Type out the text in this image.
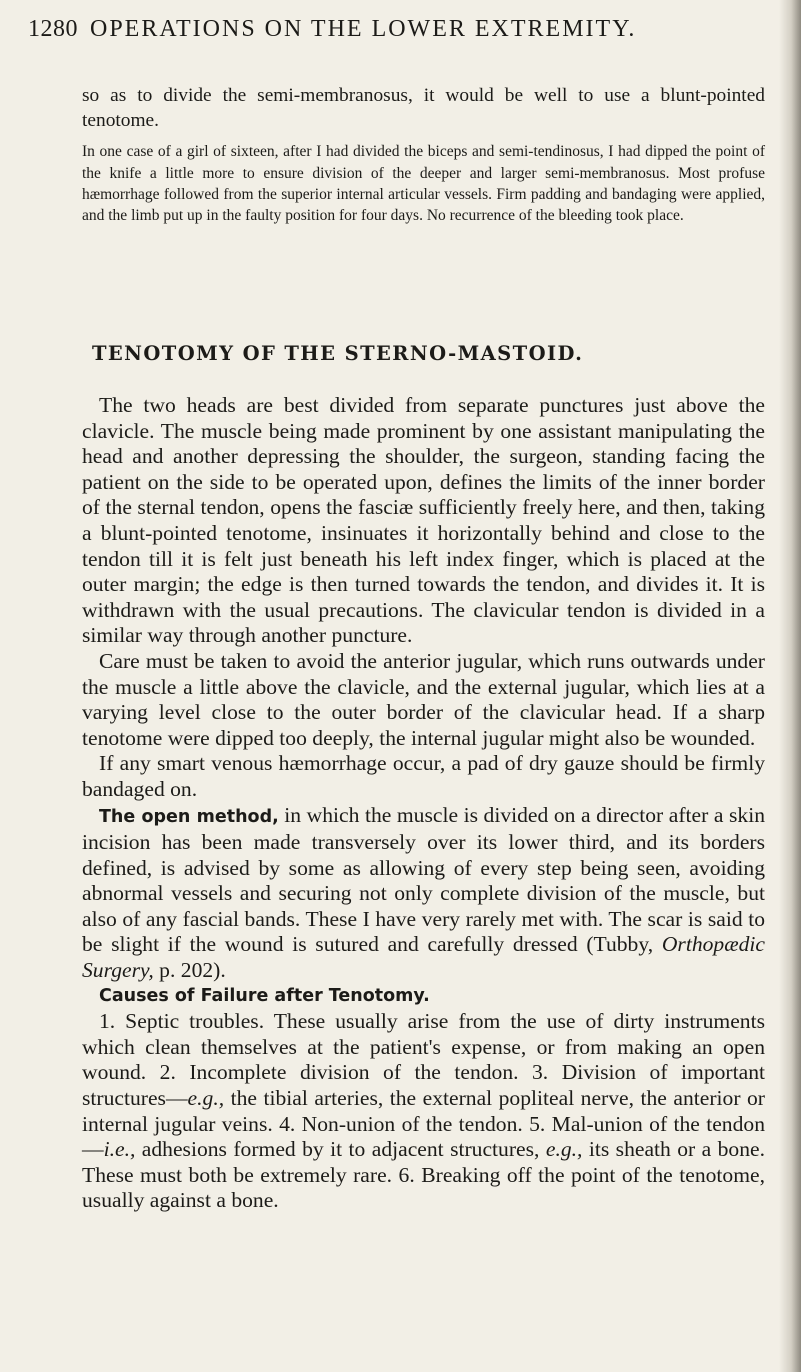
1280 OPERATIONS ON THE LOWER EXTREMITY.

so as to divide the semi-membranosus, it would be well to use a blunt-pointed tenotome.

In one case of a girl of sixteen, after I had divided the biceps and semi-tendinosus, I had dipped the point of the knife a little more to ensure division of the deeper and larger semi-membranosus. Most profuse hæmorrhage followed from the superior internal articular vessels. Firm padding and bandaging were applied, and the limb put up in the faulty position for four days. No recurrence of the bleeding took place.

TENOTOMY OF THE STERNO-MASTOID.

The two heads are best divided from separate punctures just above the clavicle. The muscle being made prominent by one assistant manipulating the head and another depressing the shoulder, the surgeon, standing facing the patient on the side to be operated upon, defines the limits of the inner border of the sternal tendon, opens the fasciæ sufficiently freely here, and then, taking a blunt-pointed tenotome, insinuates it horizontally behind and close to the tendon till it is felt just beneath his left index finger, which is placed at the outer margin; the edge is then turned towards the tendon, and divides it. It is withdrawn with the usual precautions. The clavicular tendon is divided in a similar way through another puncture.

Care must be taken to avoid the anterior jugular, which runs outwards under the muscle a little above the clavicle, and the external jugular, which lies at a varying level close to the outer border of the clavicular head. If a sharp tenotome were dipped too deeply, the internal jugular might also be wounded.

If any smart venous hæmorrhage occur, a pad of dry gauze should be firmly bandaged on.

The open method, in which the muscle is divided on a director after a skin incision has been made transversely over its lower third, and its borders defined, is advised by some as allowing of every step being seen, avoiding abnormal vessels and securing not only complete division of the muscle, but also of any fascial bands. These I have very rarely met with. The scar is said to be slight if the wound is sutured and carefully dressed (Tubby, Orthopædic Surgery, p. 202).

Causes of Failure after Tenotomy.

1. Septic troubles. These usually arise from the use of dirty instruments which clean themselves at the patient's expense, or from making an open wound. 2. Incomplete division of the tendon. 3. Division of important structures—e.g., the tibial arteries, the external popliteal nerve, the anterior or internal jugular veins. 4. Non-union of the tendon. 5. Mal-union of the tendon—i.e., adhesions formed by it to adjacent structures, e.g., its sheath or a bone. These must both be extremely rare. 6. Breaking off the point of the tenotome, usually against a bone.
